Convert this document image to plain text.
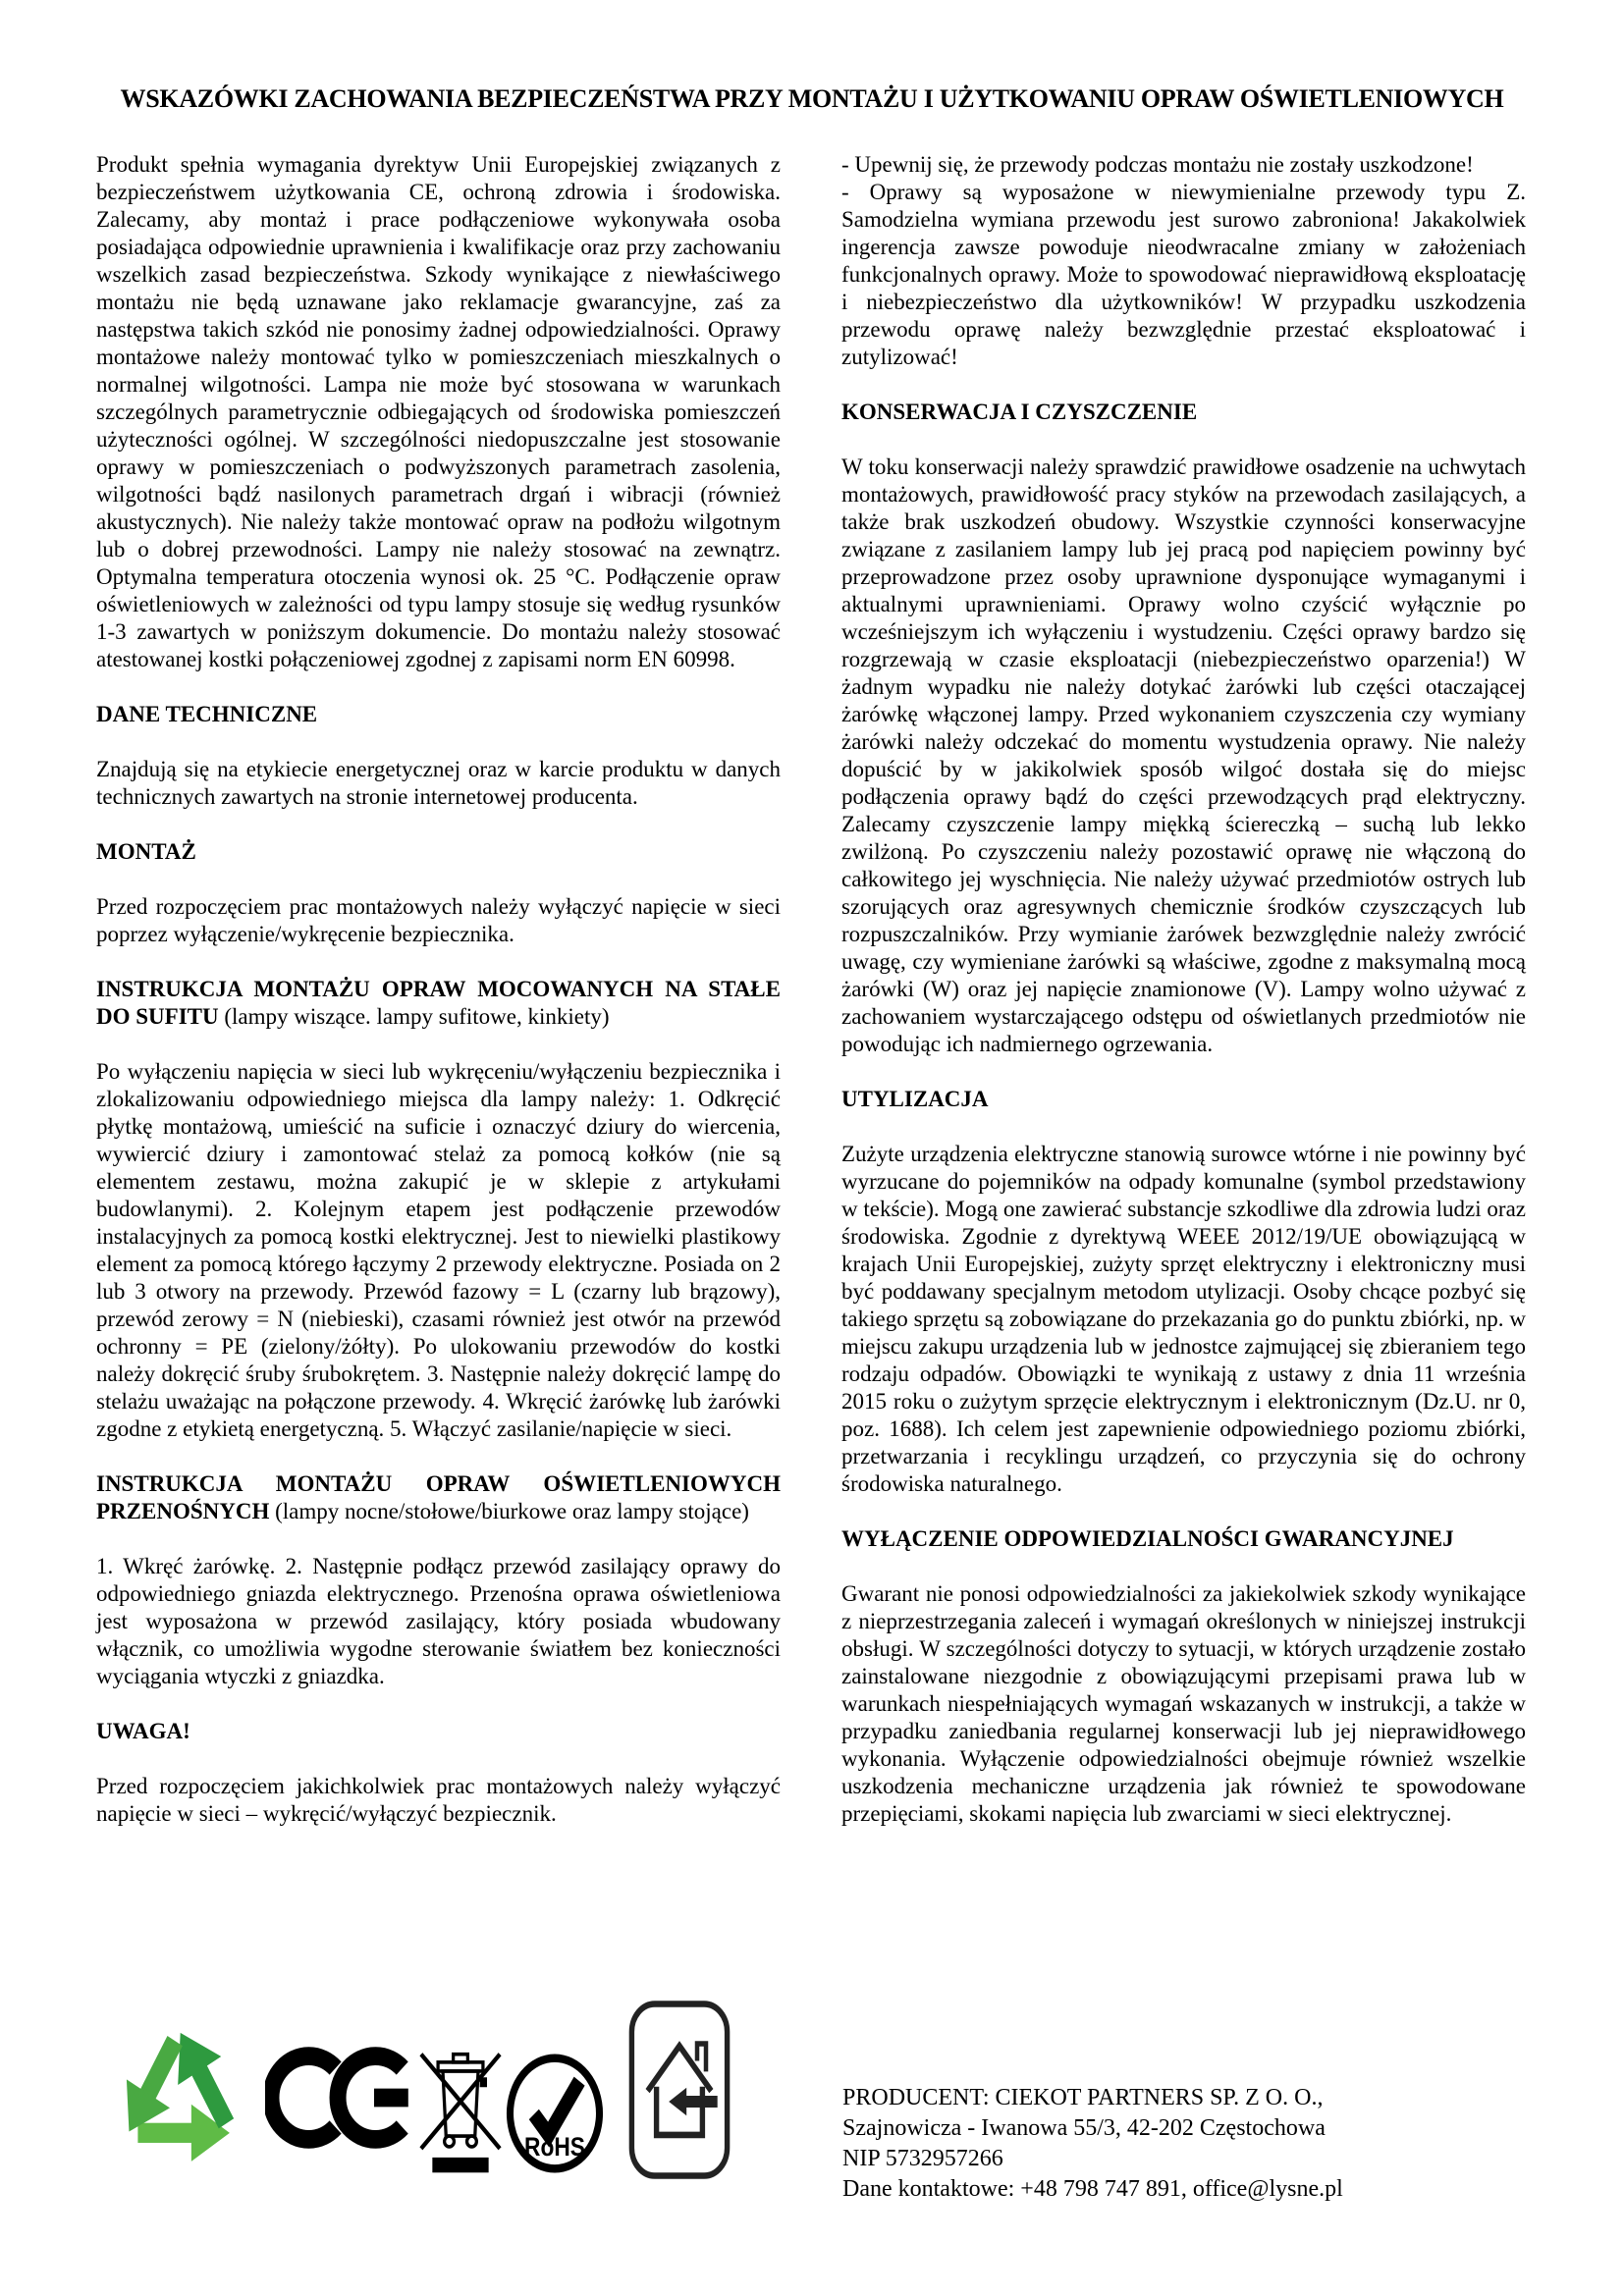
WSKAZÓWKI ZACHOWANIA BEZPIECZEŃSTWA PRZY MONTAŻU I UŻYTKOWANIU OPRAW OŚWIETLENIOWYCH

Produkt spełnia wymagania dyrektyw Unii Europejskiej związanych z bezpieczeństwem użytkowania CE, ochroną zdrowia i środowiska. Zalecamy, aby montaż i prace podłączeniowe wykonywała osoba posiadająca odpowiednie uprawnienia i kwalifikacje oraz przy zachowaniu wszelkich zasad bezpieczeństwa. Szkody wynikające z niewłaściwego montażu nie będą uznawane jako reklamacje gwarancyjne, zaś za następstwa takich szkód nie ponosimy żadnej odpowiedzialności. Oprawy montażowe należy montować tylko w pomieszczeniach mieszkalnych o normalnej wilgotności. Lampa nie może być stosowana w warunkach szczególnych parametrycznie odbiegających od środowiska pomieszczeń użyteczności ogólnej. W szczególności niedopuszczalne jest stosowanie oprawy w pomieszczeniach o podwyższonych parametrach zasolenia, wilgotności bądź nasilonych parametrach drgań i wibracji (również akustycznych). Nie należy także montować opraw na podłożu wilgotnym lub o dobrej przewodności. Lampy nie należy stosować na zewnątrz. Optymalna temperatura otoczenia wynosi ok. 25 °C. Podłączenie opraw oświetleniowych w zależności od typu lampy stosuje się według rysunków 1-3 zawartych w poniższym dokumencie. Do montażu należy stosować atestowanej kostki połączeniowej zgodnej z zapisami norm EN 60998.

DANE TECHNICZNE

Znajdują się na etykiecie energetycznej oraz w karcie produktu w danych technicznych zawartych na stronie internetowej producenta.

MONTAŻ

Przed rozpoczęciem prac montażowych należy wyłączyć napięcie w sieci poprzez wyłączenie/wykręcenie bezpiecznika.

INSTRUKCJA MONTAŻU OPRAW MOCOWANYCH NA STAŁE DO SUFITU (lampy wiszące. lampy sufitowe, kinkiety)

Po wyłączeniu napięcia w sieci lub wykręceniu/wyłączeniu bezpiecznika i zlokalizowaniu odpowiedniego miejsca dla lampy należy: 1. Odkręcić płytkę montażową, umieścić na suficie i oznaczyć dziury do wiercenia, wywiercić dziury i zamontować stelaż za pomocą kołków (nie są elementem zestawu, można zakupić je w sklepie z artykułami budowlanymi). 2. Kolejnym etapem jest podłączenie przewodów instalacyjnych za pomocą kostki elektrycznej. Jest to niewielki plastikowy element za pomocą którego łączymy 2 przewody elektryczne. Posiada on 2 lub 3 otwory na przewody. Przewód fazowy = L (czarny lub brązowy), przewód zerowy = N (niebieski), czasami również jest otwór na przewód ochronny = PE (zielony/żółty). Po ulokowaniu przewodów do kostki należy dokręcić śruby śrubokrętem. 3. Następnie należy dokręcić lampę do stelażu uważając na połączone przewody. 4. Wkręcić żarówkę lub żarówki zgodne z etykietą energetyczną. 5. Włączyć zasilanie/napięcie w sieci.

INSTRUKCJA MONTAŻU OPRAW OŚWIETLENIOWYCH PRZENOŚNYCH (lampy nocne/stołowe/biurkowe oraz lampy stojące)

1. Wkręć żarówkę. 2. Następnie podłącz przewód zasilający oprawy do odpowiedniego gniazda elektrycznego. Przenośna oprawa oświetleniowa jest wyposażona w przewód zasilający, który posiada wbudowany włącznik, co umożliwia wygodne sterowanie światłem bez konieczności wyciągania wtyczki z gniazdka.

UWAGA!

Przed rozpoczęciem jakichkolwiek prac montażowych należy wyłączyć napięcie w sieci – wykręcić/wyłączyć bezpiecznik.

- Upewnij się, że przewody podczas montażu nie zostały uszkodzone!

- Oprawy są wyposażone w niewymienialne przewody typu Z. Samodzielna wymiana przewodu jest surowo zabroniona! Jakakolwiek ingerencja zawsze powoduje nieodwracalne zmiany w założeniach funkcjonalnych oprawy. Może to spowodować nieprawidłową eksploatację i niebezpieczeństwo dla użytkowników! W przypadku uszkodzenia przewodu oprawę należy bezwzględnie przestać eksploatować i zutylizować!

KONSERWACJA I CZYSZCZENIE

W toku konserwacji należy sprawdzić prawidłowe osadzenie na uchwytach montażowych, prawidłowość pracy styków na przewodach zasilających, a także brak uszkodzeń obudowy. Wszystkie czynności konserwacyjne związane z zasilaniem lampy lub jej pracą pod napięciem powinny być przeprowadzone przez osoby uprawnione dysponujące wymaganymi i aktualnymi uprawnieniami. Oprawy wolno czyścić wyłącznie po wcześniejszym ich wyłączeniu i wystudzeniu. Części oprawy bardzo się rozgrzewają w czasie eksploatacji (niebezpieczeństwo oparzenia!) W żadnym wypadku nie należy dotykać żarówki lub części otaczającej żarówkę włączonej lampy. Przed wykonaniem czyszczenia czy wymiany żarówki należy odczekać do momentu wystudzenia oprawy. Nie należy dopuścić by w jakikolwiek sposób wilgoć dostała się do miejsc podłączenia oprawy bądź do części przewodzących prąd elektryczny. Zalecamy czyszczenie lampy miękką ściereczką – suchą lub lekko zwilżoną. Po czyszczeniu należy pozostawić oprawę nie włączoną do całkowitego jej wyschnięcia. Nie należy używać przedmiotów ostrych lub szorujących oraz agresywnych chemicznie środków czyszczących lub rozpuszczalników. Przy wymianie żarówek bezwzględnie należy zwrócić uwagę, czy wymieniane żarówki są właściwe, zgodne z maksymalną mocą żarówki (W) oraz jej napięcie znamionowe (V). Lampy wolno używać z zachowaniem wystarczającego odstępu od oświetlanych przedmiotów nie powodując ich nadmiernego ogrzewania.

UTYLIZACJA

Zużyte urządzenia elektryczne stanowią surowce wtórne i nie powinny być wyrzucane do pojemników na odpady komunalne (symbol przedstawiony w tekście). Mogą one zawierać substancje szkodliwe dla zdrowia ludzi oraz środowiska. Zgodnie z dyrektywą WEEE 2012/19/UE obowiązującą w krajach Unii Europejskiej, zużyty sprzęt elektryczny i elektroniczny musi być poddawany specjalnym metodom utylizacji. Osoby chcące pozbyć się takiego sprzętu są zobowiązane do przekazania go do punktu zbiórki, np. w miejscu zakupu urządzenia lub w jednostce zajmującej się zbieraniem tego rodzaju odpadów. Obowiązki te wynikają z ustawy z dnia 11 września 2015 roku o zużytym sprzęcie elektrycznym i elektronicznym (Dz.U. nr 0, poz. 1688). Ich celem jest zapewnienie odpowiedniego poziomu zbiórki, przetwarzania i recyklingu urządzeń, co przyczynia się do ochrony środowiska naturalnego.

WYŁĄCZENIE ODPOWIEDZIALNOŚCI GWARANCYJNEJ

Gwarant nie ponosi odpowiedzialności za jakiekolwiek szkody wynikające z nieprzestrzegania zaleceń i wymagań określonych w niniejszej instrukcji obsługi. W szczególności dotyczy to sytuacji, w których urządzenie zostało zainstalowane niezgodnie z obowiązującymi przepisami prawa lub w warunkach niespełniających wymagań wskazanych w instrukcji, a także w przypadku zaniedbania regularnej konserwacji lub jej nieprawidłowego wykonania. Wyłączenie odpowiedzialności obejmuje również wszelkie uszkodzenia mechaniczne urządzenia jak również te spowodowane przepięciami, skokami napięcia lub zwarciami w sieci elektrycznej.

RoHS
PRODUCENT: CIEKOT PARTNERS SP. Z O. O.,
Szajnowicza - Iwanowa 55/3, 42-202 Częstochowa
NIP 5732957266
Dane kontaktowe: +48 798 747 891, office@lysne.pl
